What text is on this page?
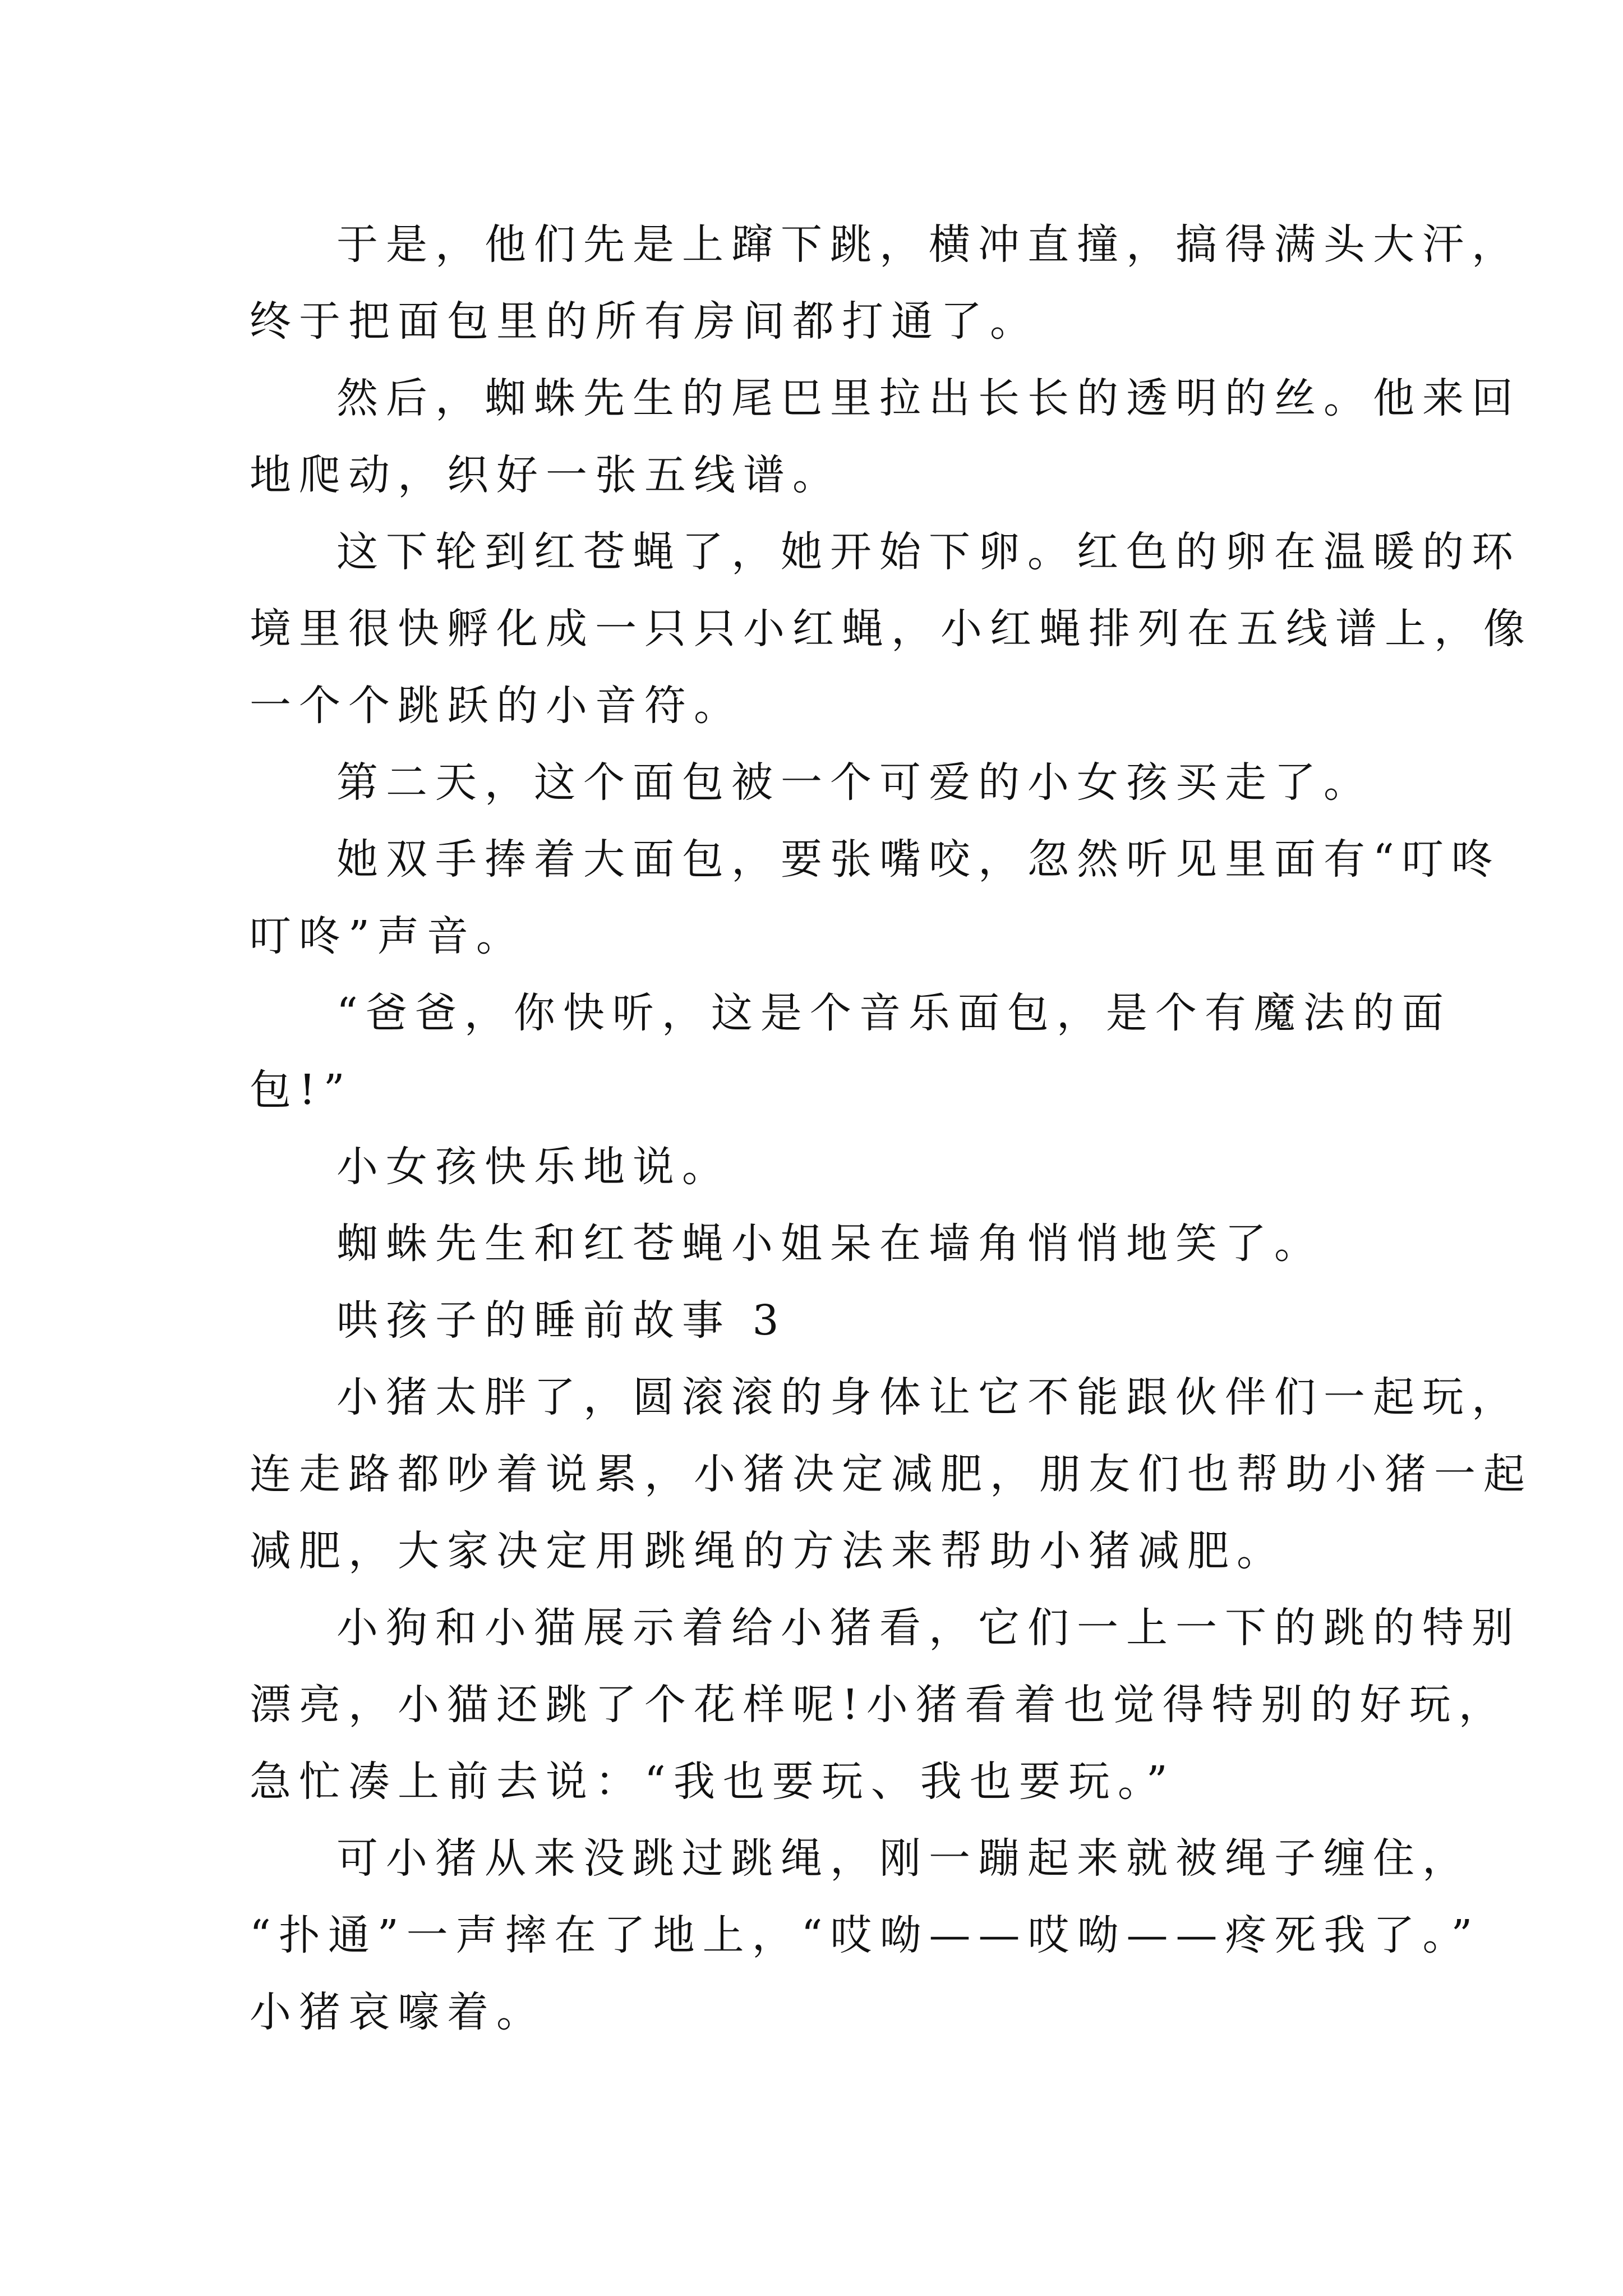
于是，他们先是上蹿下跳，横冲直撞，搞得满头大汗，
终于把面包里的所有房间都打通了。
然后，蜘蛛先生的尾巴里拉出长长的透明的丝。他来回
地爬动，织好一张五线谱。
这下轮到红苍蝇了，她开始下卵。红色的卵在温暖的环
境里很快孵化成一只只小红蝇，小红蝇排列在五线谱上，像
一个个跳跃的小音符。
第二天，这个面包被一个可爱的小女孩买走了。
她双手捧着大面包，要张嘴咬，忽然听见里面有“叮咚
叮咚”声音。
“爸爸，你快听，这是个音乐面包，是个有魔法的面
包!”
小女孩快乐地说。
蜘蛛先生和红苍蝇小姐呆在墙角悄悄地笑了。
哄孩子的睡前故事 3
小猪太胖了，圆滚滚的身体让它不能跟伙伴们一起玩，
连走路都吵着说累，小猪决定减肥，朋友们也帮助小猪一起
减肥，大家决定用跳绳的方法来帮助小猪减肥。
小狗和小猫展示着给小猪看，它们一上一下的跳的特别
漂亮，小猫还跳了个花样呢!小猪看着也觉得特别的好玩，
急忙凑上前去说：“我也要玩、我也要玩。”
可小猪从来没跳过跳绳，刚一蹦起来就被绳子缠住，
“扑通”一声摔在了地上，“哎呦——哎呦——疼死我了。”
小猪哀嚎着。
